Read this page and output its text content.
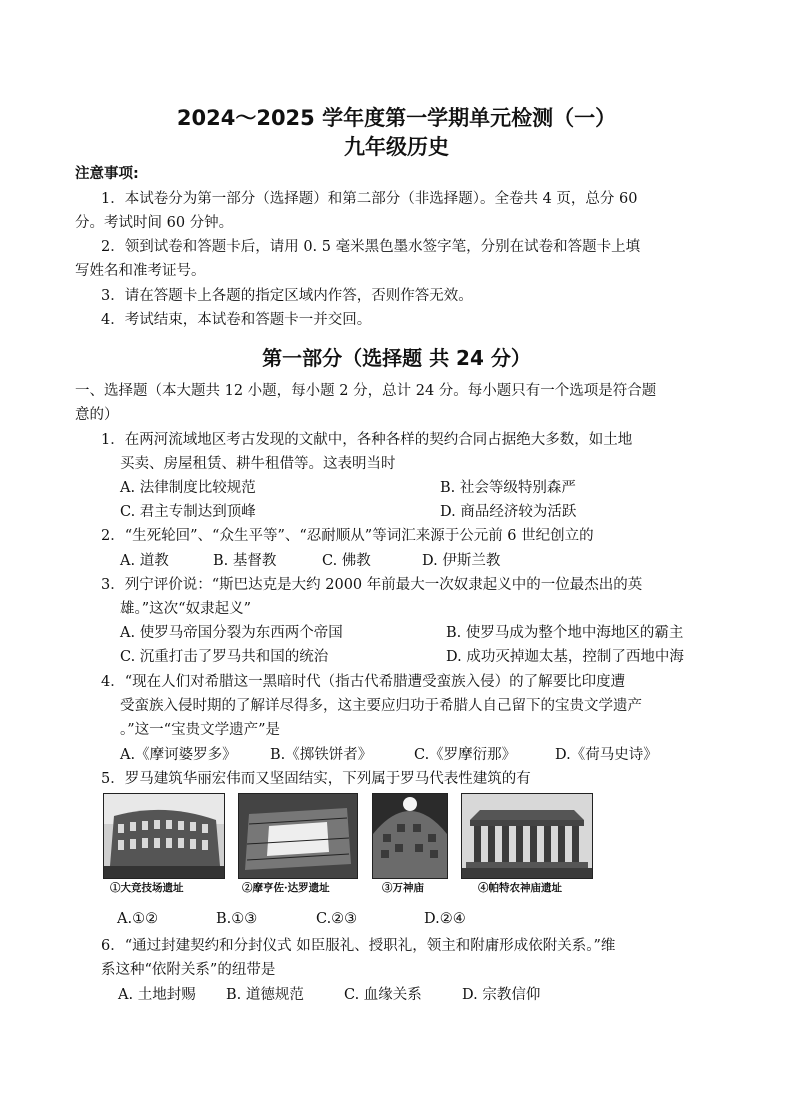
2024～2025 学年度第一学期单元检测（一）
九年级历史
注意事项:
1．本试卷分为第一部分（选择题）和第二部分（非选择题）。全卷共 4 页，总分 60
分。考试时间 60 分钟。
2．领到试卷和答题卡后，请用 0. 5 毫米黑色墨水签字笔，分别在试卷和答题卡上填
写姓名和准考证号。
3．请在答题卡上各题的指定区域内作答，否则作答无效。
4．考试结束，本试卷和答题卡一并交回。
第一部分（选择题 共 24 分）
一、选择题（本大题共 12 小题，每小题 2 分，总计 24 分。每小题只有一个选项是符合题
意的）
1．在两河流域地区考古发现的文献中，各种各样的契约合同占据绝大多数，如土地
买卖、房屋租赁、耕牛租借等。这表明当时
A. 法律制度比较规范	B. 社会等级特别森严
C. 君主专制达到顶峰	D. 商品经济较为活跃
2．“生死轮回”、“众生平等”、“忍耐顺从”等词汇来源于公元前 6 世纪创立的
A. 道教	B. 基督教	C. 佛教	D. 伊斯兰教
3．列宁评价说：“斯巴达克是大约 2000 年前最大一次奴隶起义中的一位最杰出的英
雄。”这次“奴隶起义”
A. 使罗马帝国分裂为东西两个帝国	B. 使罗马成为整个地中海地区的霸主
C. 沉重打击了罗马共和国的统治	D. 成功灭掉迦太基，控制了西地中海
4．“现在人们对希腊这一黑暗时代（指古代希腊遭受蛮族入侵）的了解要比印度遭
受蛮族入侵时期的了解详尽得多，这主要应归功于希腊人自己留下的宝贵文学遗产
。”这一“宝贵文学遗产”是
A.《摩诃婆罗多》 B.《掷铁饼者》	C.《罗摩衍那》	D.《荷马史诗》
5．罗马建筑华丽宏伟而又坚固结实，下列属于罗马代表性建筑的有
①大竞技场遗址	②摩亨佐·达罗遗址	③万神庙	④帕特农神庙遗址
A.①②	B.①③	C.②③	D.②④
6．“通过封建契约和分封仪式 如臣服礼、授职礼，领主和附庸形成依附关系。”维
系这种“依附关系”的纽带是
A. 土地封赐 B. 道德规范	C. 血缘关系	D. 宗教信仰
